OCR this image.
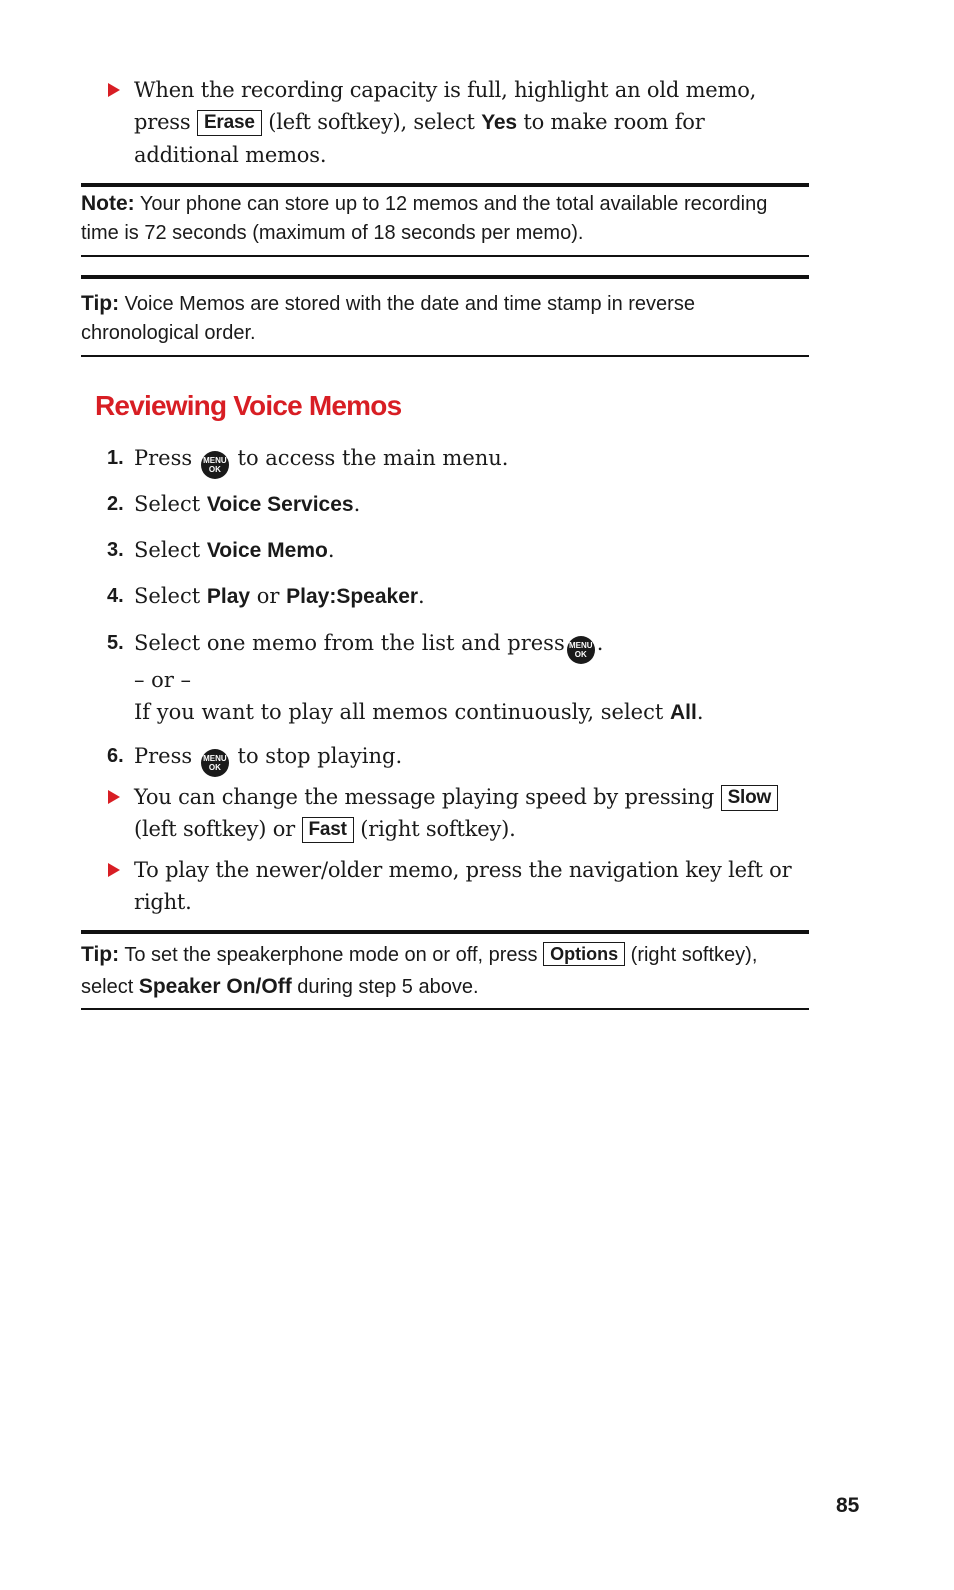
When the recording capacity is full, highlight an old memo, press Erase (left softkey), select Yes to make room for additional memos.
Note: Your phone can store up to 12 memos and the total available recording time is 72 seconds (maximum of 18 seconds per memo).
Tip: Voice Memos are stored with the date and time stamp in reverse chronological order.
Reviewing Voice Memos
1. Press MENU
OK to access the main menu.
2. Select Voice Services.
3. Select Voice Memo.
4. Select Play or Play:Speaker.
5. Select one memo from the list and press MENU
OK .
– or –
If you want to play all memos continuously, select All.
6. Press MENU
OK to stop playing.
You can change the message playing speed by pressing Slow (left softkey) or Fast (right softkey).
To play the newer/older memo, press the navigation key left or right.
Tip: To set the speakerphone mode on or off, press Options (right softkey), select Speaker On/Off during step 5 above.
85
